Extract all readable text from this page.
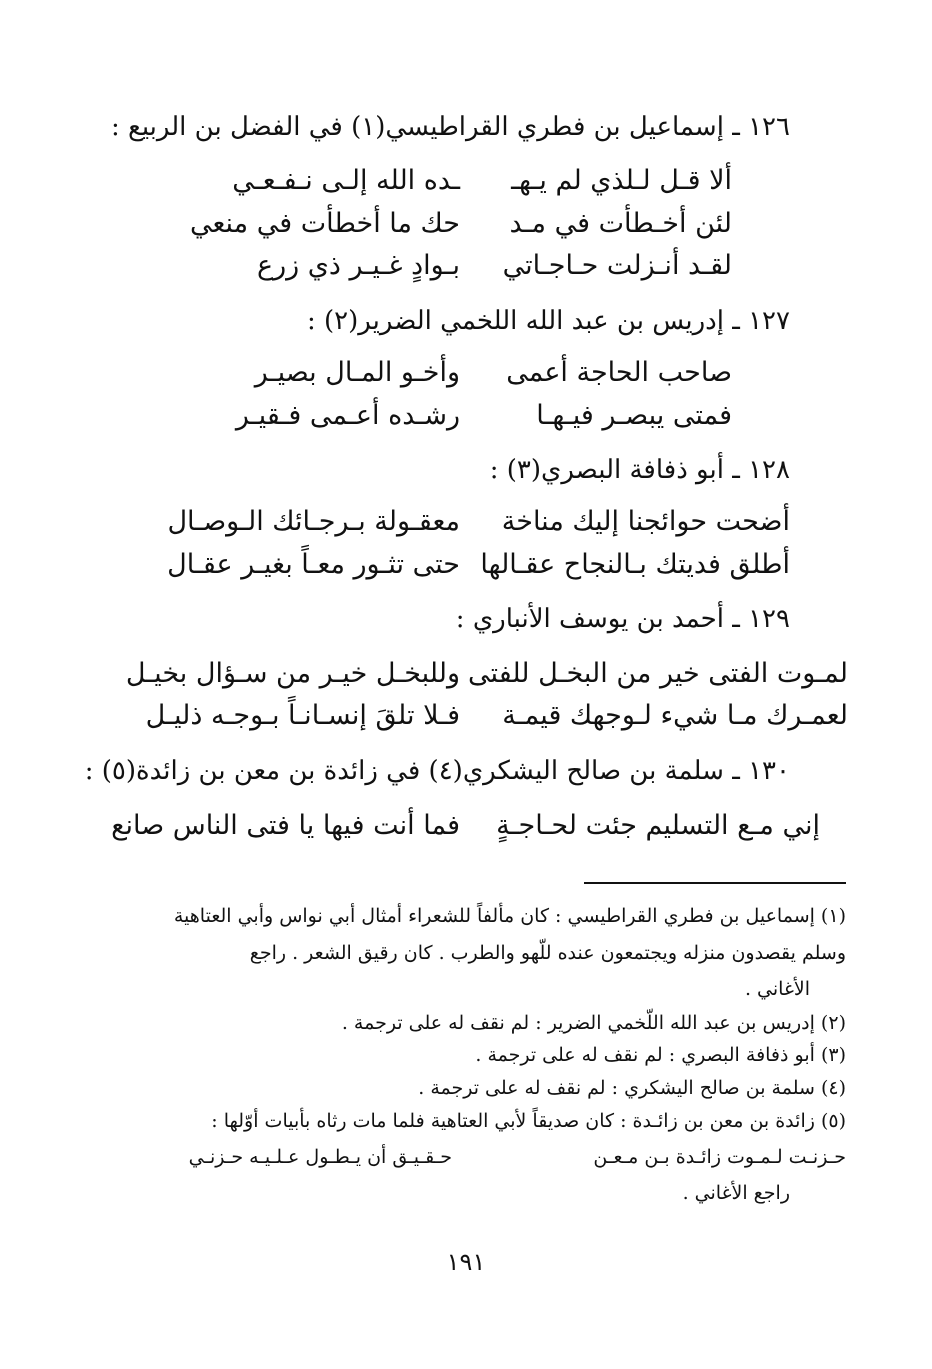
١٢٦ ـ إسماعيل بن فطري القراطيسي(١) في الفضل بن الربيع :
ألا قـل لـلذي لم يـهـ
ـده الله إلـى نـفـعـي
لئن أخـطأت في مـد
حك ما أخطأت في منعي
لقـد أنـزلت حـاجـاتي
بـوادٍ غـيـر ذي زرع
١٢٧ ـ إدريس بن عبد الله اللخمي الضرير(٢) :
صاحب الحاجة أعمى
وأخـو المـال بصيـر
فمتى يبصـر فيـهـا
رشـده أعـمى فـقيـر
١٢٨ ـ أبو ذفافة البصري(٣) :
أضحت حوائجنا إليك مناخة
معقـولة بـرجـائك الـوصـال
أطلق فديتك بـالنجاح عقـالها
حتى تثـور معـاً بغيـر عقـال
١٢٩ ـ أحمد بن يوسف الأنباري :
لمـوت الفتى خير من البخـل للفتى
وللبخـل خيـر من سـؤال بخيـل
لعمـرك مـا شيء لـوجهك قيمـة
فـلا تلقَ إنسـانـاً بـوجـه ذليـل
١٣٠ ـ سلمة بن صالح اليشكري(٤) في زائدة بن معن بن زائدة(٥) :
إني مـع التسليم جئت لحـاجـةٍ
فما أنت فيها يا فتى الناس صانع
(١) إسماعيل بن فطري القراطيسي : كان مألفاً للشعراء أمثال أبي نواس وأبي العتاهية
وسلم يقصدون منزله ويجتمعون عنده للّهو والطرب . كان رقيق الشعر . راجع
الأغاني .
(٢) إدريس بن عبد الله اللّخمي الضرير : لم نقف له على ترجمة .
(٣) أبو ذفافة البصري : لم نقف له على ترجمة .
(٤) سلمة بن صالح اليشكري : لم نقف له على ترجمة .
(٥) زائدة بن معن بن زائـدة : كان صديقاً لأبي العتاهية فلما مات رثاه بأبيات أوّلها :
حـزنـت لـمـوت زائـدة بـن مـعـن
حـقـيـق أن يـطـول عـلـيـه حـزنـي
راجع الأغاني .
١٩١
